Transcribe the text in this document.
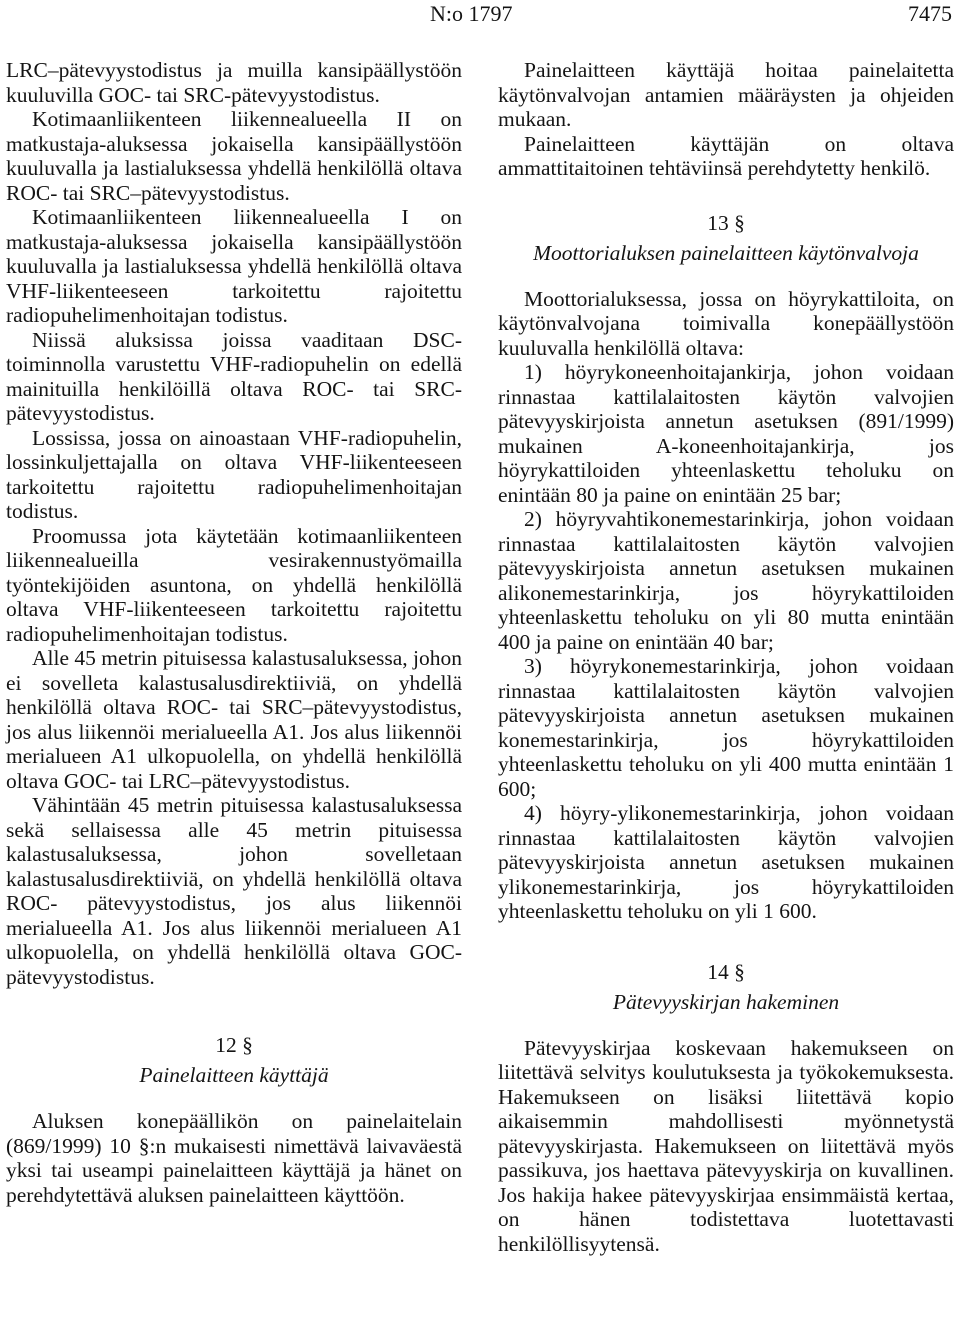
N:o 1797	7475

LRC–pätevyystodistus ja muilla kansipäällystöön kuuluvilla GOC- tai SRC-pätevyystodistus.

Kotimaanliikenteen liikennealueella II on matkustaja-aluksessa jokaisella kansipäällystöön kuuluvalla ja lastialuksessa yhdellä henkilöllä oltava ROC- tai SRC–pätevyystodistus.

Kotimaanliikenteen liikennealueella I on matkustaja-aluksessa jokaisella kansipäällystöön kuuluvalla ja lastialuksessa yhdellä henkilöllä oltava VHF-liikenteeseen tarkoitettu rajoitettu radiopuhelimenhoitajan todistus.

Niissä aluksissa joissa vaaditaan DSC-toiminnolla varustettu VHF-radiopuhelin on edellä mainituilla henkilöillä oltava ROC- tai SRC-pätevyystodistus.

Lossissa, jossa on ainoastaan VHF-radiopuhelin, lossinkuljettajalla on oltava VHF-liikenteeseen tarkoitettu rajoitettu radiopuhelimenhoitajan todistus.

Proomussa jota käytetään kotimaanliikenteen liikennealueilla vesirakennustyömailla työntekijöiden asuntona, on yhdellä henkilöllä oltava VHF-liikenteeseen tarkoitettu rajoitettu radiopuhelimenhoitajan todistus.

Alle 45 metrin pituisessa kalastusaluksessa, johon ei sovelleta kalastusalusdirektiiviä, on yhdellä henkilöllä oltava ROC- tai SRC–pätevyystodistus, jos alus liikennöi merialueella A1. Jos alus liikennöi merialueen A1 ulkopuolella, on yhdellä henkilöllä oltava GOC- tai LRC–pätevyystodistus.

Vähintään 45 metrin pituisessa kalastusaluksessa sekä sellaisessa alle 45 metrin pituisessa kalastusaluksessa, johon sovelletaan kalastusalusdirektiiviä, on yhdellä henkilöllä oltava ROC- pätevyystodistus, jos alus liikennöi merialueella A1. Jos alus liikennöi merialueen A1 ulkopuolella, on yhdellä henkilöllä oltava GOC-pätevyystodistus.

12 §
Painelaitteen käyttäjä

Aluksen konepäällikön on painelaitelain (869/1999) 10 §:n mukaisesti nimettävä laivaväestä yksi tai useampi painelaitteen käyttäjä ja hänet on perehdytettävä aluksen painelaitteen käyttöön.

Painelaitteen käyttäjä hoitaa painelaitetta käytönvalvojan antamien määräysten ja ohjeiden mukaan.

Painelaitteen käyttäjän on oltava ammattitaitoinen tehtäviinsä perehdytetty henkilö.

13 §
Moottorialuksen painelaitteen käytönvalvoja

Moottorialuksessa, jossa on höyrykattiloita, on käytönvalvojana toimivalla konepäällystöön kuuluvalla henkilöllä oltava:

1) höyrykoneenhoitajankirja, johon voidaan rinnastaa kattilalaitosten käytön valvojien pätevyyskirjoista annetun asetuksen (891/1999) mukainen A-koneenhoitajankirja, jos höyrykattiloiden yhteenlaskettu teholuku on enintään 80 ja paine on enintään 25 bar;

2) höyryvahtikonemestarinkirja, johon voidaan rinnastaa kattilalaitosten käytön valvojien pätevyyskirjoista annetun asetuksen mukainen alikonemestarinkirja, jos höyrykattiloiden yhteenlaskettu teholuku on yli 80 mutta enintään 400 ja paine on enintään 40 bar;

3) höyrykonemestarinkirja, johon voidaan rinnastaa kattilalaitosten käytön valvojien pätevyyskirjoista annetun asetuksen mukainen konemestarinkirja, jos höyrykattiloiden yhteenlaskettu teholuku on yli 400 mutta enintään 1 600;

4) höyry-ylikonemestarinkirja, johon voidaan rinnastaa kattilalaitosten käytön valvojien pätevyyskirjoista annetun asetuksen mukainen ylikonemestarinkirja, jos höyrykattiloiden yhteenlaskettu teholuku on yli 1 600.

14 §
Pätevyyskirjan hakeminen

Pätevyyskirjaa koskevaan hakemukseen on liitettävä selvitys koulutuksesta ja työkokemuksesta. Hakemukseen on lisäksi liitettävä kopio aikaisemmin mahdollisesti myönnetystä pätevyyskirjasta. Hakemukseen on liitettävä myös passikuva, jos haettava pätevyyskirja on kuvallinen. Jos hakija hakee pätevyyskirjaa ensimmäistä kertaa, on hänen todistettava luotettavasti henkilöllisyytensä.
